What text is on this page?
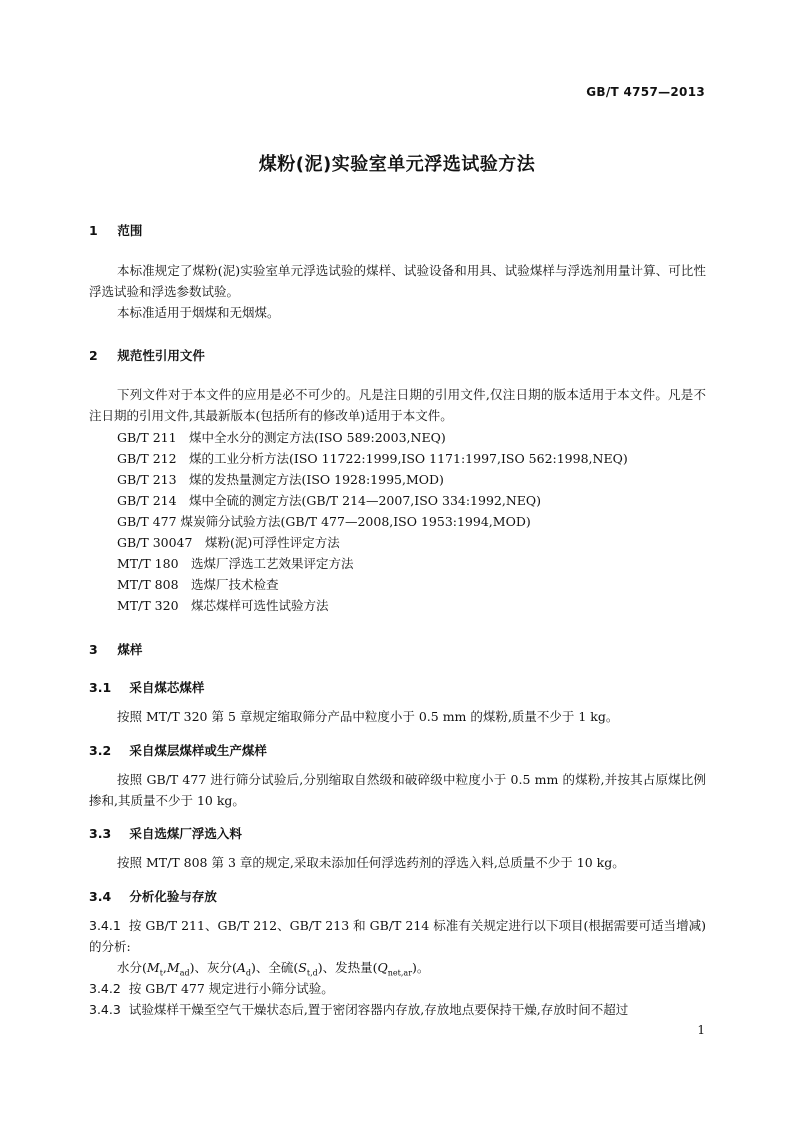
GB/T 4757—2013
煤粉(泥)实验室单元浮选试验方法
1 范围
本标准规定了煤粉(泥)实验室单元浮选试验的煤样、试验设备和用具、试验煤样与浮选剂用量计算、可比性浮选试验和浮选参数试验。
本标准适用于烟煤和无烟煤。
2 规范性引用文件
下列文件对于本文件的应用是必不可少的。凡是注日期的引用文件,仅注日期的版本适用于本文件。凡是不注日期的引用文件,其最新版本(包括所有的修改单)适用于本文件。
GB/T 211　煤中全水分的测定方法(ISO 589:2003,NEQ)
GB/T 212　煤的工业分析方法(ISO 11722:1999,ISO 1171:1997,ISO 562:1998,NEQ)
GB/T 213　煤的发热量测定方法(ISO 1928:1995,MOD)
GB/T 214　煤中全硫的测定方法(GB/T 214—2007,ISO 334:1992,NEQ)
GB/T 477 煤炭筛分试验方法(GB/T 477—2008,ISO 1953:1994,MOD)
GB/T 30047　煤粉(泥)可浮性评定方法
MT/T 180　选煤厂浮选工艺效果评定方法
MT/T 808　选煤厂技术检查
MT/T 320　煤芯煤样可选性试验方法
3 煤样
3.1 采自煤芯煤样
按照 MT/T 320 第 5 章规定缩取筛分产品中粒度小于 0.5 mm 的煤粉,质量不少于 1 kg。
3.2 采自煤层煤样或生产煤样
按照 GB/T 477 进行筛分试验后,分别缩取自然级和破碎级中粒度小于 0.5 mm 的煤粉,并按其占原煤比例掺和,其质量不少于 10 kg。
3.3 采自选煤厂浮选入料
按照 MT/T 808 第 3 章的规定,采取未添加任何浮选药剂的浮选入料,总质量不少于 10 kg。
3.4 分析化验与存放
3.4.1 按 GB/T 211、GB/T 212、GB/T 213 和 GB/T 214 标准有关规定进行以下项目(根据需要可适当增减)的分析:
水分$(M_t,M_{ad})$、灰分$(A_d)$、全硫$(S_{t,d})$、发热量$(Q_{net,ar})$。
3.4.2 按 GB/T 477 规定进行小筛分试验。
3.4.3 试验煤样干燥至空气干燥状态后,置于密闭容器内存放,存放地点要保持干燥,存放时间不超过
1
